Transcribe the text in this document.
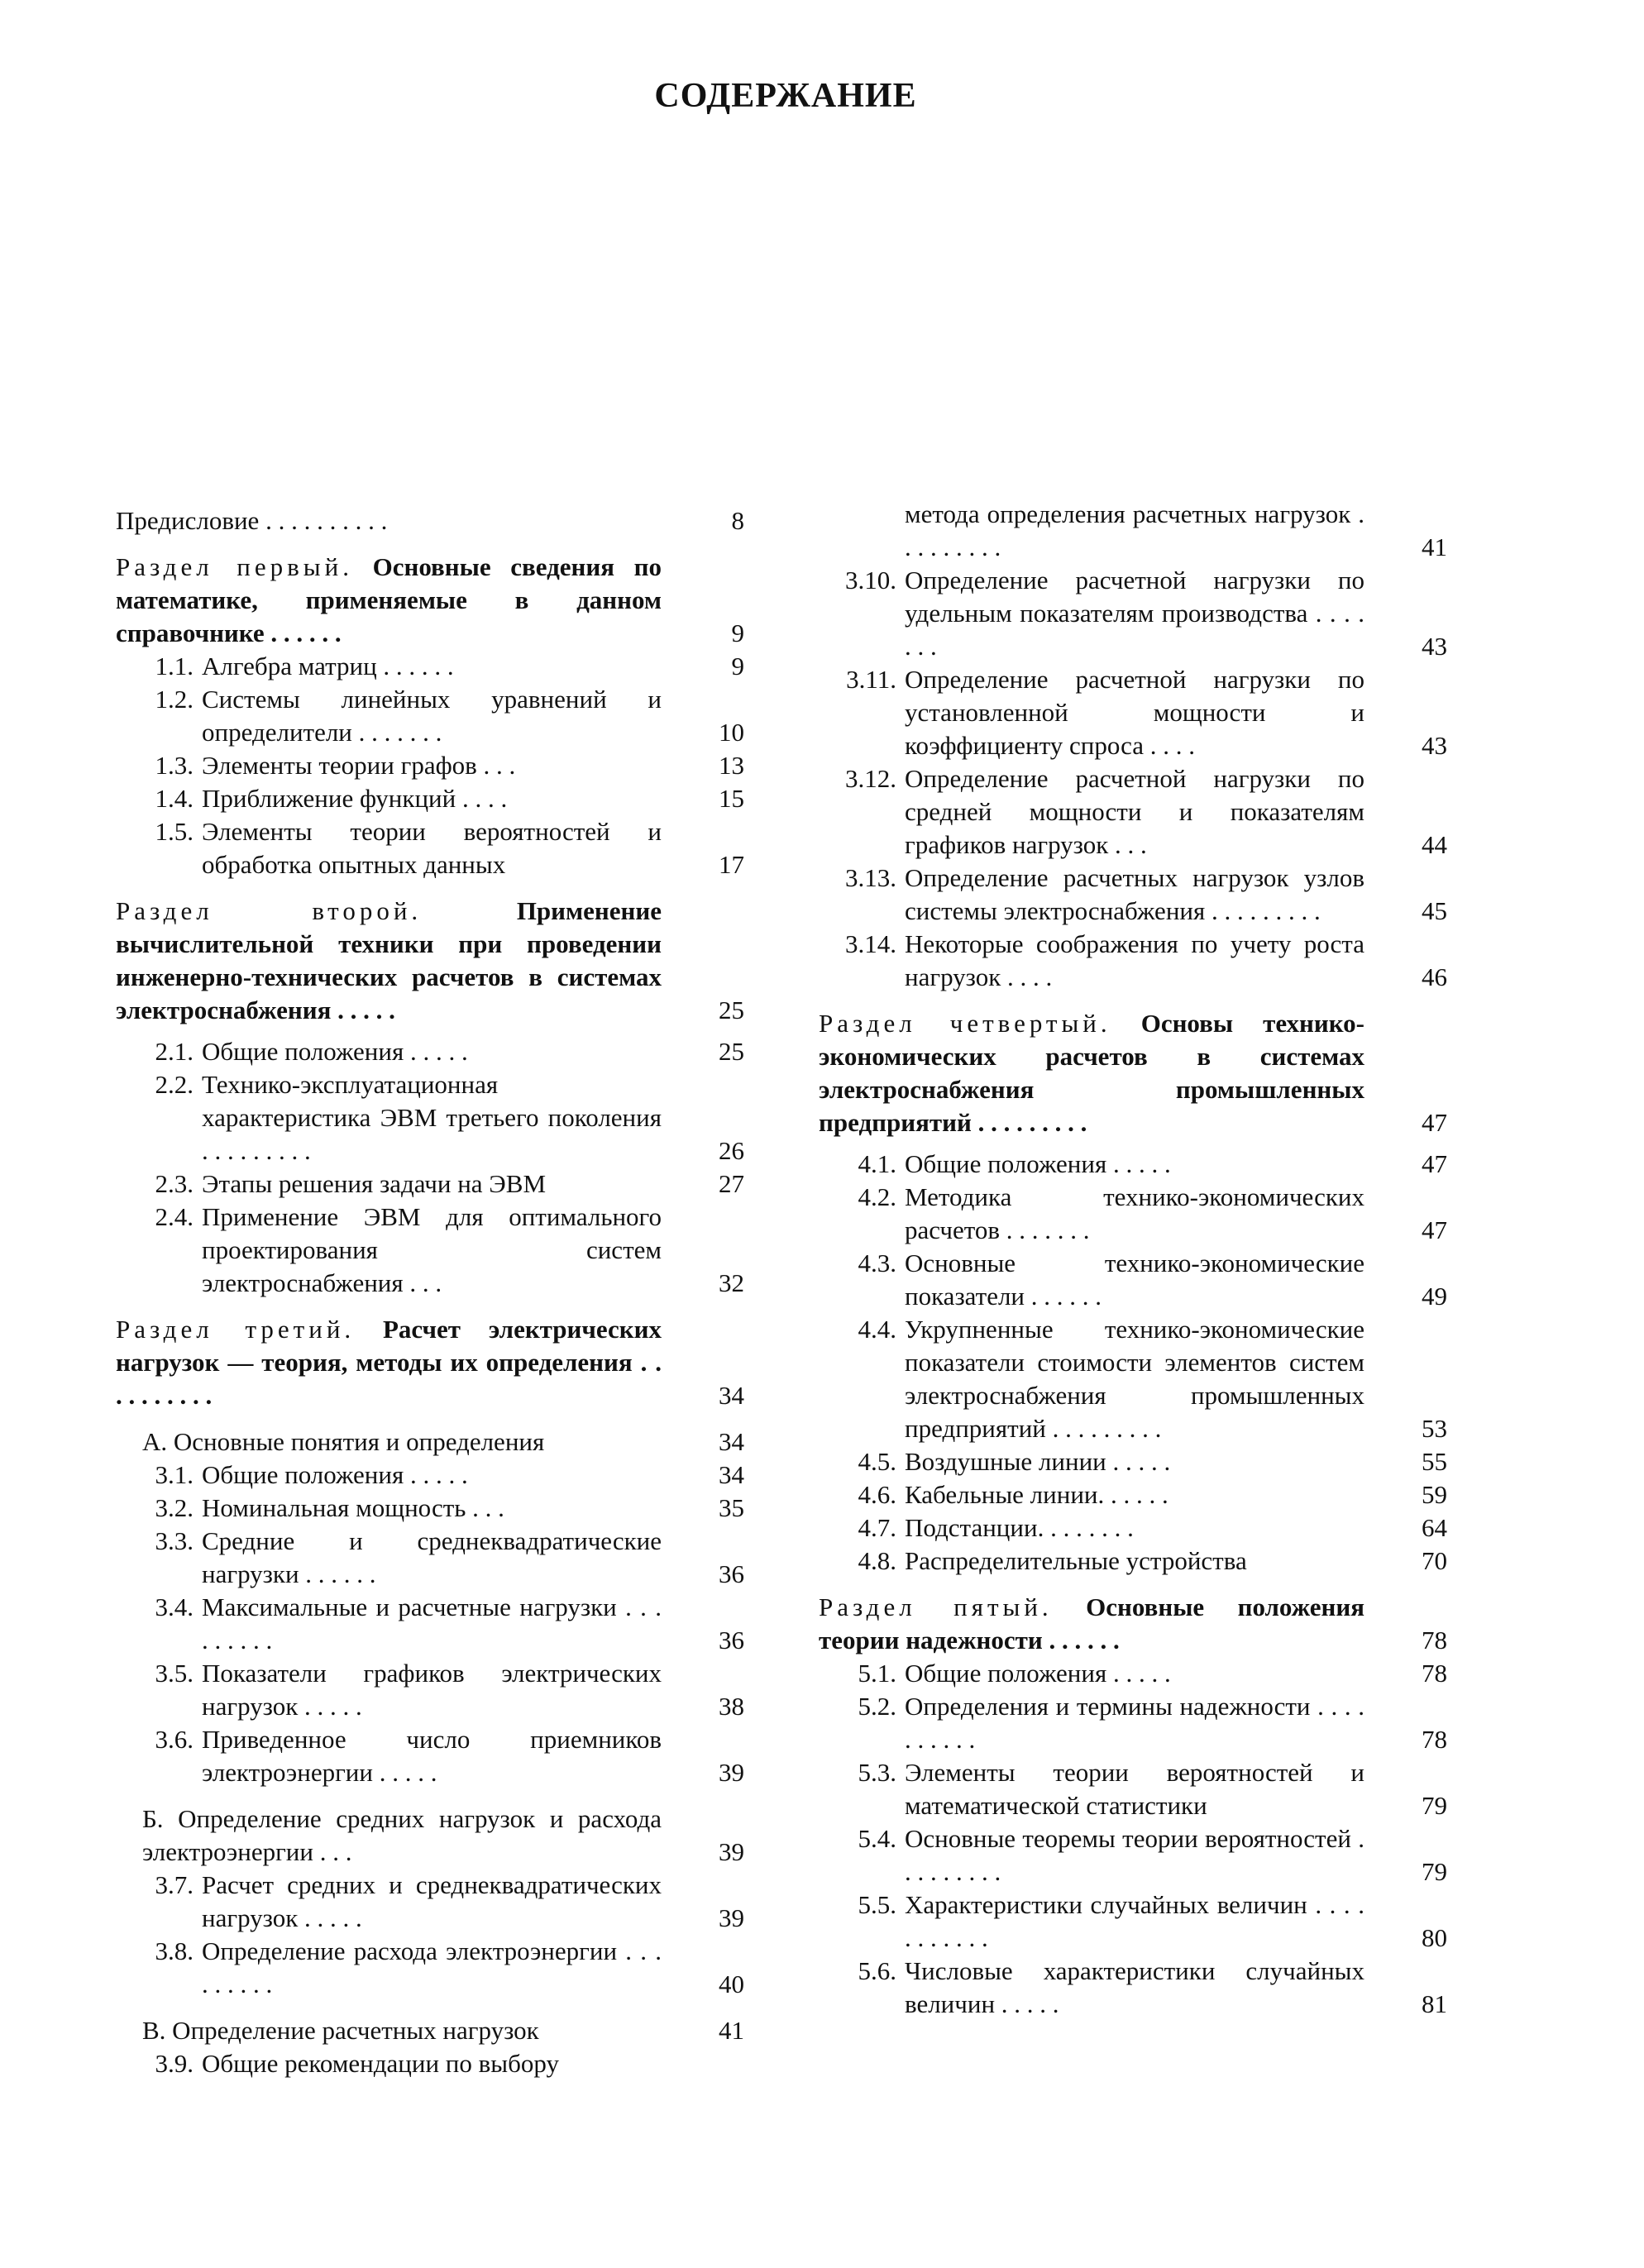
СОДЕРЖАНИЕ
Предисловие . . . . . . . . . .	8
Раздел первый. Основные сведения по математике, применяемые в данном справочнике . . . . . .	9
1.1. Алгебра матриц . . . . . .	9
1.2. Системы линейных уравнений и определители . . . . . . .	10
1.3. Элементы теории графов . . .	13
1.4. Приближение функций . . . .	15
1.5. Элементы теории вероятностей и обработка опытных данных	17
Раздел второй.	Применение вычислительной техники при проведении инженерно-технических расчетов в системах электроснабжения . . . . .	25
2.1. Общие положения . . . . .	25
2.2. Технико-эксплуатационная характеристика ЭВМ третьего поколения . . . . . . . . .	26
2.3. Этапы решения задачи на ЭВМ	27
2.4. Применение ЭВМ для оптимального проектирования систем электроснабжения . . .	32
Раздел третий. Расчет электрических нагрузок — теория, методы их определения . . . . . . . . . .	34
А. Основные понятия и определения	34
3.1. Общие положения . . . . .	34
3.2. Номинальная мощность . . .	35
3.3. Средние и среднеквадратические нагрузки . . . . . .	36
3.4. Максимальные и расчетные нагрузки . . . . . . . . .	36
3.5. Показатели графиков электрических нагрузок . . . . .	38
3.6. Приведенное число приемников электроэнергии . . . . .	39
Б. Определение средних нагрузок и расхода электроэнергии . . .	39
3.7. Расчет средних и среднеквадратических нагрузок . . . . .	39
3.8. Определение расхода электроэнергии . . . . . . . . .	40
В. Определение расчетных нагрузок	41
3.9. Общие рекомендации по выбору
метода определения расчетных нагрузок . . . . . . . . .	41
3.10. Определение расчетной нагрузки по удельным показателям производства . . . . . . .	43
3.11. Определение расчетной нагрузки по установленной мощности и коэффициенту спроса . . . .	43
3.12. Определение расчетной нагрузки по средней мощности и показателям графиков нагрузок . . .	44
3.13. Определение расчетных нагрузок узлов системы электроснабжения . . . . . . . . .	45
3.14. Некоторые соображения по учету роста нагрузок . . . .	46
Раздел четвертый. Основы технико-экономических расчетов в системах электроснабжения промышленных предприятий . . . . . . . . .	47
4.1. Общие положения . . . . .	47
4.2. Методика технико-экономических расчетов . . . . . . .	47
4.3. Основные технико-экономические показатели . . . . . .	49
4.4. Укрупненные технико-экономические показатели стоимости элементов систем электроснабжения промышленных предприятий . . . . . . . . .	53
4.5. Воздушные линии . . . . .	55
4.6. Кабельные линии. . . . . .	59
4.7. Подстанции. . . . . . . .	64
4.8. Распределительные устройства	70
Раздел пятый. Основные положения теории надежности . . . . . .	78
5.1. Общие положения . . . . .	78
5.2. Определения и термины надежности . . . . . . . . . .	78
5.3. Элементы теории вероятностей и математической статистики	79
5.4. Основные теоремы теории вероятностей . . . . . . . . .	79
5.5. Характеристики случайных величин . . . . . . . . . . .	80
5.6. Числовые характеристики случайных величин . . . . .	81
